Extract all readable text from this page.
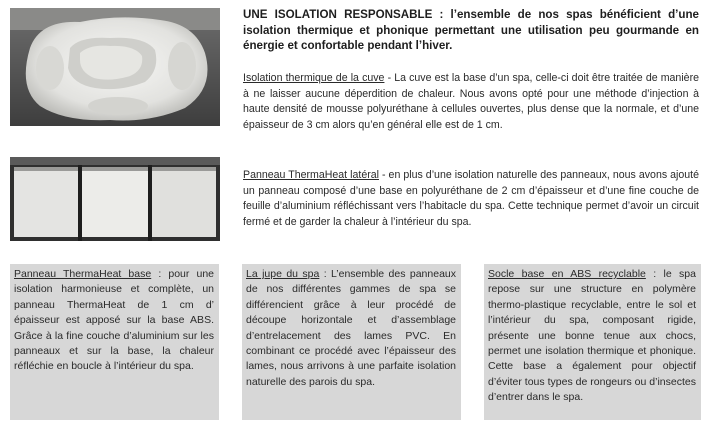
UNE ISOLATION RESPONSABLE : l’ensemble de nos spas bénéficient d’une isolation thermique et phonique permettant une utilisation peu gourmande en énergie et confortable pendant l’hiver.

Isolation thermique de la cuve - La cuve est la base d’un spa, celle-ci doit être traitée de manière à ne laisser aucune déperdition de chaleur. Nous avons opté pour une méthode d’injection à haute densité de mousse polyuréthane à cellules ouvertes, plus dense que la normale, et d’une épaisseur de 3 cm alors qu’en général elle est de 1 cm.

Panneau ThermaHeat latéral - en plus d’une isolation naturelle des panneaux, nous avons ajouté un panneau composé d’une base en polyuréthane de 2 cm d’épaisseur et d’une fine couche de feuille d’aluminium réfléchissant vers l’habitacle du spa. Cette technique permet d’avoir un circuit fermé et de garder la chaleur à l’intérieur du spa.

Panneau ThermaHeat base : pour une isolation harmonieuse et complète, un panneau ThermaHeat de 1 cm d’ épaisseur est apposé sur la base ABS. Grâce à la fine couche d’aluminium sur les panneaux et sur la base, la chaleur réfléchie en boucle à l’intérieur du spa.

La jupe du spa : L’ensemble des panneaux de nos différentes gammes de spa se différencient grâce à leur procédé de découpe horizontale et d’assemblage d’entrelacement des lames PVC. En combinant ce procédé avec l’épaisseur des lames, nous arrivons à une parfaite isolation naturelle des parois du spa.

Socle base en ABS recyclable : le spa repose sur une structure en polymère thermo-plastique recyclable, entre le sol et l’intérieur du spa, composant rigide, présente une bonne tenue aux chocs, permet une isolation thermique et phonique. Cette base a également pour objectif d’éviter tous types de rongeurs ou d’insectes d’entrer dans le spa.
